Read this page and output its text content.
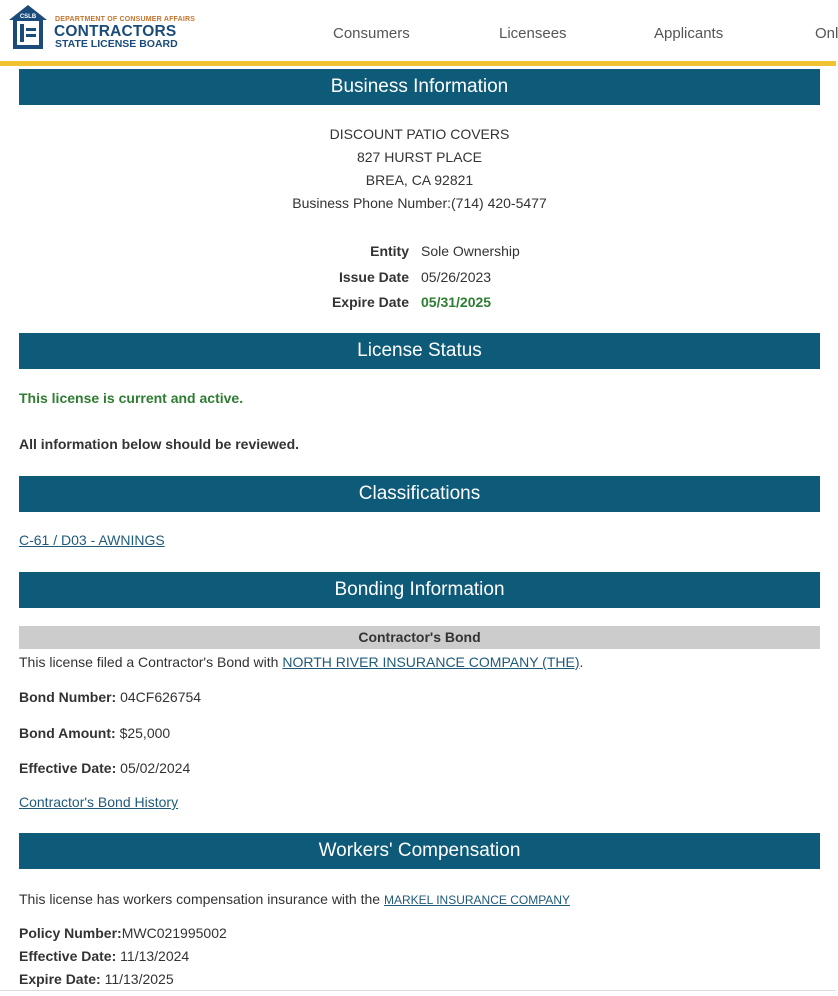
CSLB	DEPARTMENT OF CONSUMER AFFAIRS
CONTRACTORS
STATE LICENSE BOARD
Consumers	Licensees	Applicants	Onl
Business Information
DISCOUNT PATIO COVERS
827 HURST PLACE
BREA, CA 92821
Business Phone Number:(714) 420-5477
Entity Sole Ownership
Issue Date 05/26/2023
Expire Date 05/31/2025
License Status
This license is current and active.
All information below should be reviewed.
Classifications
C-61 / D03 - AWNINGS
Bonding Information
Contractor's Bond
This license filed a Contractor's Bond with NORTH RIVER INSURANCE COMPANY (THE).
Bond Number: 04CF626754
Bond Amount: $25,000
Effective Date: 05/02/2024
Contractor's Bond History
Workers' Compensation
This license has workers compensation insurance with the MARKEL INSURANCE COMPANY
Policy Number:MWC021995002
Effective Date: 11/13/2024
Expire Date: 11/13/2025
